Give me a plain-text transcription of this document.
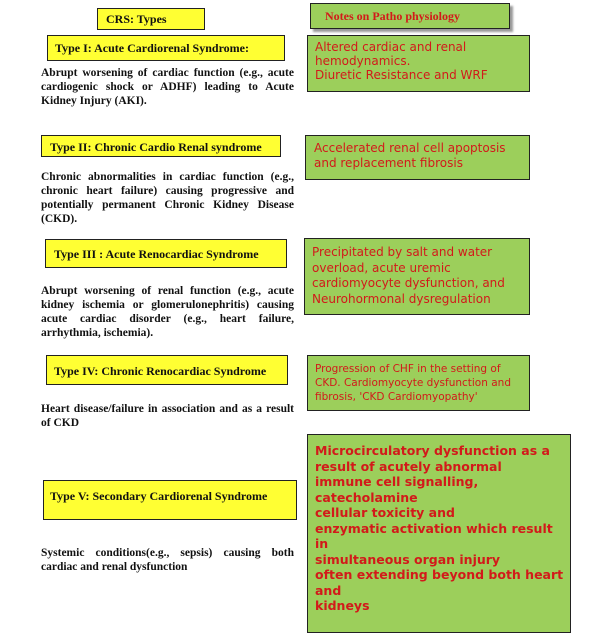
CRS: Types	Notes on Patho physiology
Type I: Acute Cardiorenal Syndrome:

Abrupt worsening of cardiac function (e.g., acute cardiogenic shock or ADHF) leading to Acute Kidney Injury (AKI).

Altered cardiac and renal hemodynamics.
Diuretic Resistance and WRF

Type II: Chronic Cardio Renal syndrome

Chronic abnormalities in cardiac function (e.g., chronic heart failure) causing progressive and potentially permanent Chronic Kidney Disease (CKD).

Accelerated renal cell apoptosis
and replacement fibrosis

Type III : Acute Renocardiac Syndrome

Abrupt worsening of renal function (e.g., acute kidney ischemia or glomerulonephritis) causing acute cardiac disorder (e.g., heart failure, arrhythmia, ischemia).

Precipitated by salt and water
overload, acute uremic
cardiomyocyte dysfunction, and
Neurohormonal dysregulation

Type IV: Chronic Renocardiac Syndrome

Heart disease/failure in association and as a result of CKD

Progression of CHF in the setting of
CKD. Cardiomyocyte dysfunction and
fibrosis, 'CKD Cardiomyopathy'

Type V: Secondary Cardiorenal Syndrome

Systemic conditions(e.g., sepsis) causing both cardiac and renal dysfunction

Microcirculatory dysfunction as a
result of acutely abnormal
immune cell signalling, catecholamine
cellular toxicity and
enzymatic activation which result in
simultaneous organ injury
often extending beyond both heart and
kidneys
